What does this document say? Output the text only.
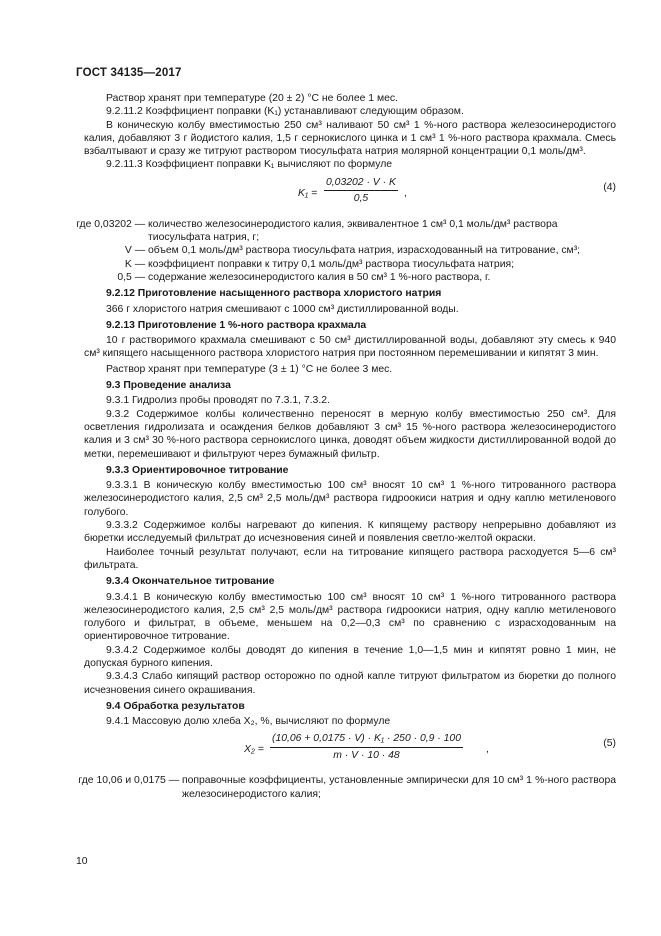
ГОСТ 34135—2017

Раствор хранят при температуре (20 ± 2) °С не более 1 мес.

9.2.11.2 Коэффициент поправки (K₁) устанавливают следующим образом.

В коническую колбу вместимостью 250 см³ наливают 50 см³ 1 %-ного раствора железосинеродистого калия, добавляют 3 г йодистого калия, 1,5 г сернокислого цинка и 1 см³ 1 %-ного раствора крахмала. Смесь взбалтывают и сразу же титруют раствором тиосульфата натрия молярной концентрации 0,1 моль/дм³.

9.2.11.3 Коэффициент поправки K₁ вычисляют по формуле

$K_1 = \frac{0,03202 \cdot V \cdot K}{0,5}$ ,
(4)
где 0,03202 — количество железосинеродистого калия, эквивалентное 1 см³ 0,1 моль/дм³ раствора тиосульфата натрия, г;
V — объем 0,1 моль/дм³ раствора тиосульфата натрия, израсходованный на титрование, см³;
K — коэффициент поправки к титру 0,1 моль/дм³ раствора тиосульфата натрия;
0,5 — содержание железосинеродистого калия в 50 см³ 1 %-ного раствора, г.

9.2.12 Приготовление насыщенного раствора хлористого натрия

366 г хлористого натрия смешивают с 1000 см³ дистиллированной воды.

9.2.13 Приготовление 1 %-ного раствора крахмала

10 г растворимого крахмала смешивают с 50 см³ дистиллированной воды, добавляют эту смесь к 940 см³ кипящего насыщенного раствора хлористого натрия при постоянном перемешивании и кипятят 3 мин.

Раствор хранят при температуре (3 ± 1) °С не более 3 мес.

9.3 Проведение анализа

9.3.1 Гидролиз пробы проводят по 7.3.1, 7.3.2.

9.3.2 Содержимое колбы количественно переносят в мерную колбу вместимостью 250 см³. Для осветления гидролизата и осаждения белков добавляют 3 см³ 15 %-ного раствора железосинеродистого калия и 3 см³ 30 %-ного раствора сернокислого цинка, доводят объем жидкости дистиллированной водой до метки, перемешивают и фильтруют через бумажный фильтр.

9.3.3 Ориентировочное титрование

9.3.3.1 В коническую колбу вместимостью 100 см³ вносят 10 см³ 1 %-ного титрованного раствора железосинеродистого калия, 2,5 см³ 2,5 моль/дм³ раствора гидроокиси натрия и одну каплю метиленового голубого.

9.3.3.2 Содержимое колбы нагревают до кипения. К кипящему раствору непрерывно добавляют из бюретки исследуемый фильтрат до исчезновения синей и появления светло-желтой окраски.

Наиболее точный результат получают, если на титрование кипящего раствора расходуется 5—6 см³ фильтрата.

9.3.4 Окончательное титрование

9.3.4.1 В коническую колбу вместимостью 100 см³ вносят 10 см³ 1 %-ного титрованного раствора железосинеродистого калия, 2,5 см³ 2,5 моль/дм³ раствора гидроокиси натрия, одну каплю метиленового голубого и фильтрат, в объеме, меньшем на 0,2—0,3 см³ по сравнению с израсходованным на ориентировочное титрование.

9.3.4.2 Содержимое колбы доводят до кипения в течение 1,0—1,5 мин и кипятят ровно 1 мин, не допуская бурного кипения.

9.3.4.3 Слабо кипящий раствор осторожно по одной капле титруют фильтратом из бюретки до полного исчезновения синего окрашивания.

9.4 Обработка результатов

9.4.1 Массовую долю хлеба X₂, %, вычисляют по формуле

$X_2 = \frac{\text{(10,06 + 0,0175 · V) · K₁ · 250 · 0,9 · 100}}{m \cdot V \cdot 10 \cdot 48}$ ,
(5)
где 10,06 и 0,0175 — поправочные коэффициенты, установленные эмпирически для 10 см³ 1 %-ного раствора железосинеродистого калия;
10
